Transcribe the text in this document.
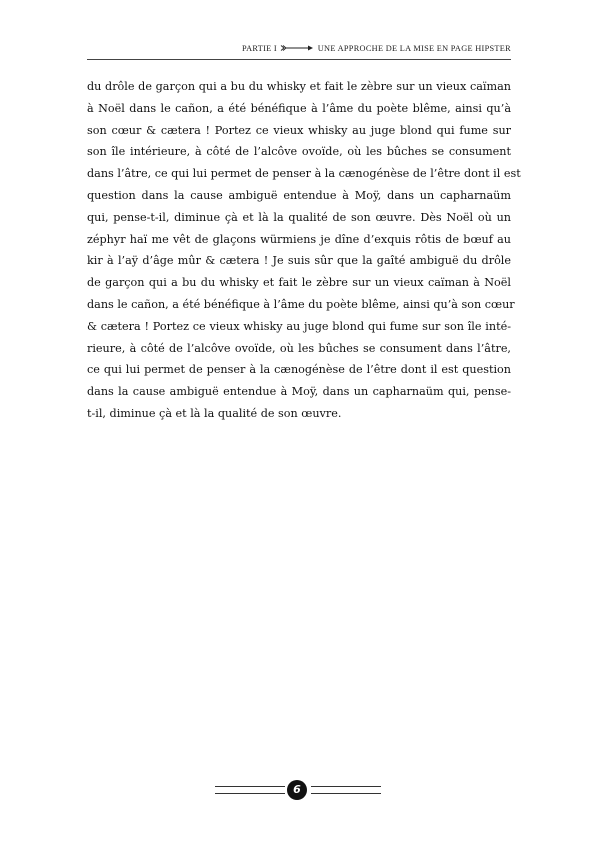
PARTIE I	UNE APPROCHE DE LA MISE EN PAGE HIPSTER
du drôle de garçon qui a bu du whisky et fait le zèbre sur un vieux caïman
à Noël dans le cañon, a été bénéfique à l’âme du poète blême, ainsi qu’à
son cœur & cætera ! Portez ce vieux whisky au juge blond qui fume sur
son île intérieure, à côté de l’alcôve ovoïde, où les bûches se consument
dans l’âtre, ce qui lui permet de penser à la cænogénèse de l’être dont il est
question dans la cause ambiguë entendue à Moÿ, dans un capharnaüm
qui, pense-t-il, diminue çà et là la qualité de son œuvre. Dès Noël où un
zéphyr haï me vêt de glaçons würmiens je dîne d’exquis rôtis de bœuf au
kir à l’aÿ d’âge mûr & cætera ! Je suis sûr que la gaîté ambiguë du drôle
de garçon qui a bu du whisky et fait le zèbre sur un vieux caïman à Noël
dans le cañon, a été bénéfique à l’âme du poète blême, ainsi qu’à son cœur
& cætera ! Portez ce vieux whisky au juge blond qui fume sur son île inté-
rieure, à côté de l’alcôve ovoïde, où les bûches se consument dans l’âtre,
ce qui lui permet de penser à la cænogénèse de l’être dont il est question
dans la cause ambiguë entendue à Moÿ, dans un capharnaüm qui, pense-
t-il, diminue çà et là la qualité de son œuvre.
6
